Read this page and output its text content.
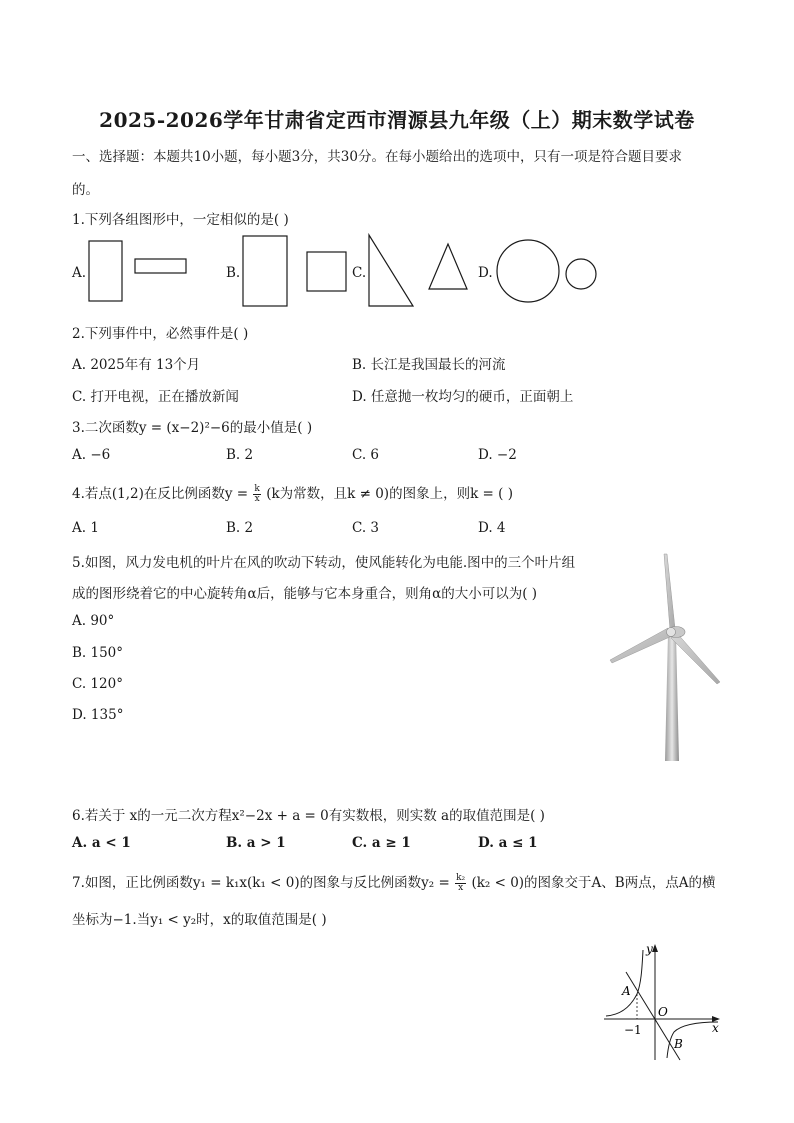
2025-2026学年甘肃省定西市渭源县九年级（上）期末数学试卷
一、选择题：本题共10小题，每小题3分，共30分。在每小题给出的选项中，只有一项是符合题目要求
的。
1.下列各组图形中，一定相似的是( )
A.	B.	C.	D.
2.下列事件中，必然事件是( )
A. 2025年有 13个月	B. 长江是我国最长的河流
C. 打开电视，正在播放新闻	D. 任意抛一枚均匀的硬币，正面朝上
3.二次函数y = (x−2)²−6的最小值是( )
A. −6	B. 2	C. 6	D. −2
4.若点(1,2)在反比例函数$y = \frac{k}{x} (k$为常数，且k ≠ 0)的图象上，则k = ( )
A. 1	B. 2	C. 3	D. 4
5.如图，风力发电机的叶片在风的吹动下转动，使风能转化为电能.图中的三个叶片组
成的图形绕着它的中心旋转角α后，能够与它本身重合，则角α的大小可以为( )
A. 90°
B. 150°
C. 120°
D. 135°
6.若关于 x的一元二次方程x²−2x + a = 0有实数根，则实数 a的取值范围是( )
A. a < 1	B. a > 1	C. a ≥ 1	D. a ≤ 1
7.如图，正比例函数y₁ = k₁x(k₁ < 0)的图象与反比例函数$y_2 = \frac{\text{k₂}}{x} (k_2 < 0)$的图象交于A、B两点，点A的横
坐标为−1.当y₁ < y₂时，x的取值范围是( )
y
x
A
O
B
−1
